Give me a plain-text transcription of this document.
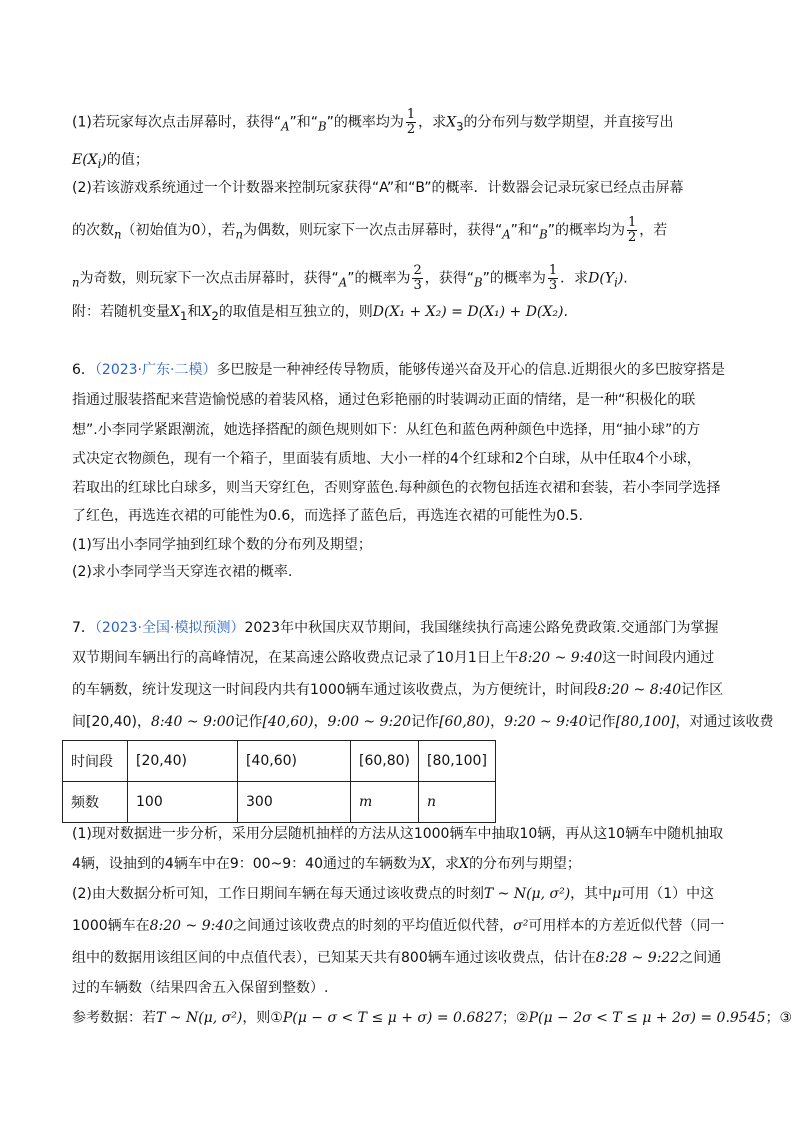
(1)若玩家每次点击屏幕时，获得“$_A$”和“$_B$”的概率均为 $\frac{1}{2}$ ，求$X_3$的分布列与数学期望，并直接写出
$E(X_i)$的值；
(2)若该游戏系统通过一个计数器来控制玩家获得“A”和“B”的概率．计数器会记录玩家已经点击屏幕
的次数$_n$（初始值为0），若$_n$为偶数，则玩家下一次点击屏幕时，获得“$_A$”和“$_B$”的概率均为 $\frac{1}{2}$ ，若
$_n$为奇数，则玩家下一次点击屏幕时，获得“$_A$”的概率为 $\frac{2}{3}$ ，获得“$_B$”的概率为 $\frac{1}{3}$ ．求$D(Y_i)$.
附：若随机变量$X_1$和$X_2$的取值是相互独立的，则D(X₁ + X₂) = D(X₁) + D(X₂).
6．（2023·广东·二模）多巴胺是一种神经传导物质，能够传递兴奋及开心的信息.近期很火的多巴胺穿搭是
指通过服装搭配来营造愉悦感的着装风格，通过色彩艳丽的时装调动正面的情绪，是一种“积极化的联
想”.小李同学紧跟潮流，她选择搭配的颜色规则如下：从红色和蓝色两种颜色中选择，用“抽小球”的方
式决定衣物颜色，现有一个箱子，里面装有质地、大小一样的4个红球和2个白球，从中任取4个小球，
若取出的红球比白球多，则当天穿红色，否则穿蓝色.每种颜色的衣物包括连衣裙和套装，若小李同学选择
了红色，再选连衣裙的可能性为0.6，而选择了蓝色后，再选连衣裙的可能性为0.5.
(1)写出小李同学抽到红球个数的分布列及期望；
(2)求小李同学当天穿连衣裙的概率.
7．（2023·全国·模拟预测）2023年中秋国庆双节期间，我国继续执行高速公路免费政策.交通部门为掌握
双节期间车辆出行的高峰情况，在某高速公路收费点记录了10月1日上午8:20 ~ 9:40这一时间段内通过
的车辆数，统计发现这一时间段内共有1000辆车通过该收费点，为方便统计，时间段8:20 ~ 8:40记作区
间[20,40)，8:40 ~ 9:00记作[40,60)，9:00 ~ 9:20记作[60,80)，9:20 ~ 9:40记作[80,100]，对通过该收费
时间段	[20,40)	[40,60)	[60,80)	[80,100]
频数	100	300	m	n
(1)现对数据进一步分析，采用分层随机抽样的方法从这1000辆车中抽取10辆，再从这10辆车中随机抽取
4辆，设抽到的4辆车中在9：00~9：40通过的车辆数为X，求X的分布列与期望；
(2)由大数据分析可知，工作日期间车辆在每天通过该收费点的时刻T ~ N(μ, σ²)，其中μ可用（1）中这
1000辆车在8:20 ~ 9:40之间通过该收费点的时刻的平均值近似代替，σ²可用样本的方差近似代替（同一
组中的数据用该组区间的中点值代表），已知某天共有800辆车通过该收费点，估计在8:28 ~ 9:22之间通
过的车辆数（结果四舍五入保留到整数）.
参考数据：若T ~ N(μ, σ²)，则①P(μ − σ < T ≤ μ + σ) = 0.6827；②P(μ − 2σ < T ≤ μ + 2σ) = 0.9545；③
